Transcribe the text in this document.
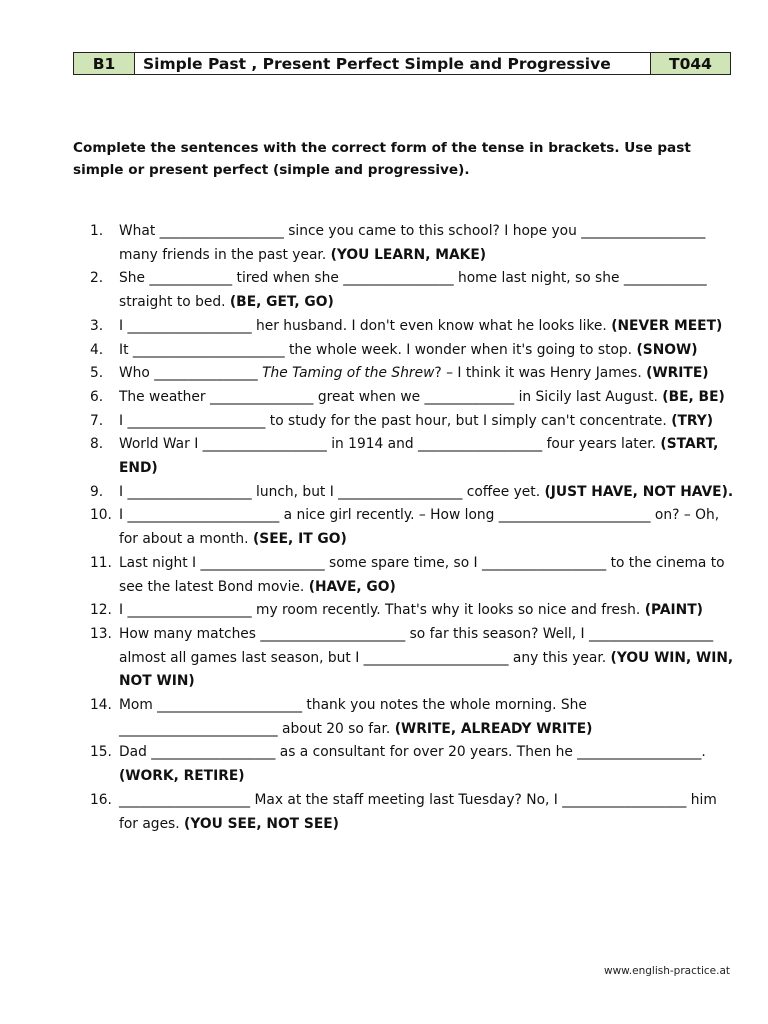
B1	Simple Past , Present Perfect Simple and Progressive	T044
Complete the sentences with the correct form of the tense in brackets. Use past simple or present perfect (simple and progressive).
1.	What __________________ since you came to this school? I hope you __________________ many friends in the past year. (YOU LEARN, MAKE)
2.	She ____________ tired when she ________________ home last night, so she ____________ straight to bed. (BE, GET, GO)
3.	I __________________ her husband. I don't even know what he looks like. (NEVER MEET)
4.	It ______________________ the whole week. I wonder when it's going to stop. (SNOW)
5.	Who _______________ The Taming of the Shrew? – I think it was Henry James. (WRITE)
6.	The weather _______________ great when we _____________ in Sicily last August. (BE, BE)
7.	I ____________________ to study for the past hour, but I simply can't concentrate. (TRY)
8.	World War I __________________ in 1914 and __________________ four years later. (START, END)
9.	I __________________ lunch, but I __________________ coffee yet. (JUST HAVE, NOT HAVE).
10. I ______________________ a nice girl recently. – How long ______________________ on? – Oh, for about a month. (SEE, IT GO)
11. Last night I __________________ some spare time, so I __________________ to the cinema to see the latest Bond movie. (HAVE, GO)
12. I __________________ my room recently. That's why it looks so nice and fresh. (PAINT)
13. How many matches _____________________ so far this season? Well, I __________________ almost all games last season, but I _____________________ any this year. (YOU WIN, WIN, NOT WIN)
14. Mom _____________________ thank you notes the whole morning. She _______________________ about 20 so far. (WRITE, ALREADY WRITE)
15. Dad __________________ as a consultant for over 20 years. Then he __________________. (WORK, RETIRE)
16. ___________________ Max at the staff meeting last Tuesday? No, I __________________ him for ages. (YOU SEE, NOT SEE)
www.english-practice.at
